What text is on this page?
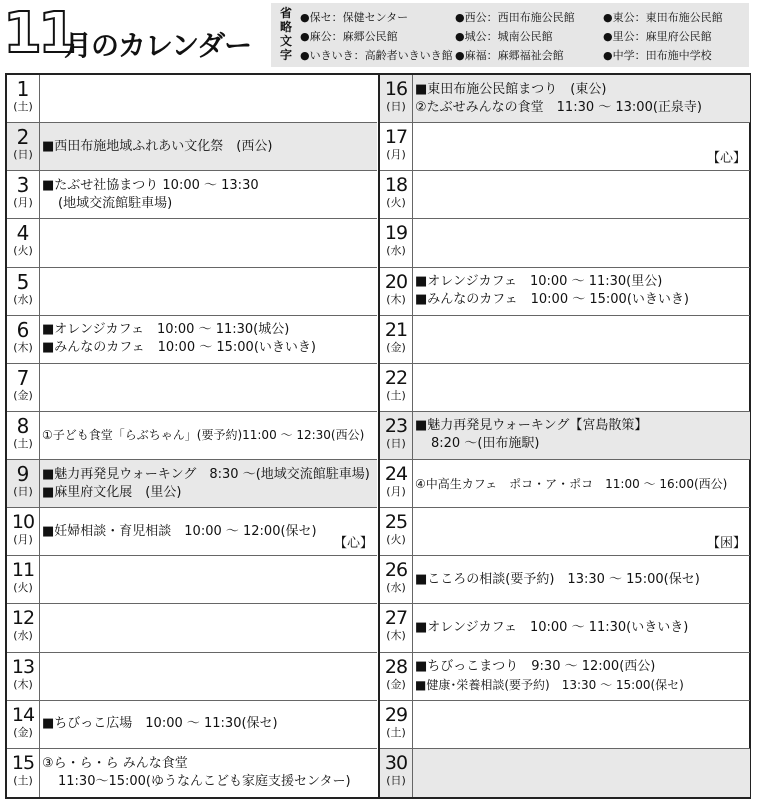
11
月のカレンダー
省略文字
●保セ：保健センター	●西公：西田布施公民館	●東公：東田布施公民館
●麻公：麻郷公民館	●城公：城南公民館	●里公：麻里府公民館
●いきいき：高齢者いきいき館 ●麻福：麻郷福祉会館	●中学：田布施中学校
1
(土)
2
(日)
■西田布施地域ふれあい文化祭　(西公)
3
(月)
■たぶせ社協まつり 10:00 ～ 13:30
(地域交流館駐車場)
4
(火)
5
(水)
6
(木)
■オレンジカフェ　10:00 ～ 11:30(城公)
■みんなのカフェ　10:00 ～ 15:00(いきいき)
7
(金)
8
(土)
①子ども食堂「らぶちゃん」(要予約)11:00 ～ 12:30(西公)
9
(日)
■魅力再発見ウォーキング　8:30 ～(地域交流館駐車場)
■麻里府文化展　(里公)
10
(月)
■妊婦相談・育児相談　10:00 ～ 12:00(保セ)
【心】
11
(火)
12
(水)
13
(木)
14
(金)
■ちびっこ広場　10:00 ～ 11:30(保セ)
15
(土)
③ら・ら・ら みんな食堂
11:30～15:00(ゆうなんこども家庭支援センター)
16
(日)
■東田布施公民館まつり　(東公)
②たぶせみんなの食堂　11:30 ～ 13:00(正泉寺)
17
(月)	【心】
18
(火)
19
(水)
20
(木)
■オレンジカフェ　10:00 ～ 11:30(里公)
■みんなのカフェ　10:00 ～ 15:00(いきいき)
21
(金)
22
(土)
23
(日)
■魅力再発見ウォーキング【宮島散策】
8:20 ～(田布施駅)
24
(月)
④中高生カフェ　ポコ・ア・ポコ　11:00 ～ 16:00(西公)
25
(火)	【困】
26
(水)
■こころの相談(要予約)　13:30 ～ 15:00(保セ)
27
(木)
■オレンジカフェ　10:00 ～ 11:30(いきいき)
28
(金)
■ちびっこまつり　9:30 ～ 12:00(西公)
■健康･栄養相談(要予約)　13:30 ～ 15:00(保セ)
29
(土)
30
(日)
